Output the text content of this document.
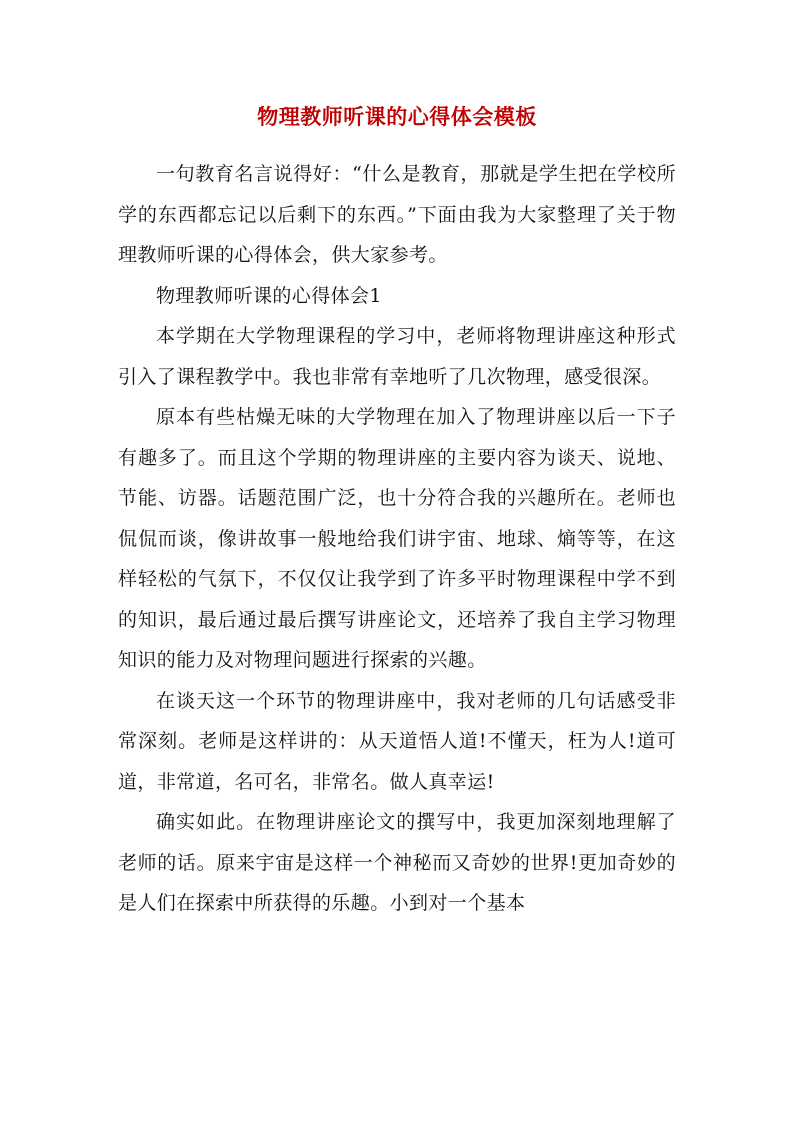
物理教师听课的心得体会模板

一句教育名言说得好：“什么是教育，那就是学生把在学校所学的东西都忘记以后剩下的东西。”下面由我为大家整理了关于物理教师听课的心得体会，供大家参考。

物理教师听课的心得体会1

本学期在大学物理课程的学习中，老师将物理讲座这种形式引入了课程教学中。我也非常有幸地听了几次物理，感受很深。

原本有些枯燥无味的大学物理在加入了物理讲座以后一下子有趣多了。而且这个学期的物理讲座的主要内容为谈天、说地、节能、访器。话题范围广泛，也十分符合我的兴趣所在。老师也侃侃而谈，像讲故事一般地给我们讲宇宙、地球、熵等等，在这样轻松的气氛下，不仅仅让我学到了许多平时物理课程中学不到的知识，最后通过最后撰写讲座论文，还培养了我自主学习物理知识的能力及对物理问题进行探索的兴趣。

在谈天这一个环节的物理讲座中，我对老师的几句话感受非常深刻。老师是这样讲的：从天道悟人道!不懂天，枉为人!道可道，非常道，名可名，非常名。做人真幸运!

确实如此。在物理讲座论文的撰写中，我更加深刻地理解了老师的话。原来宇宙是这样一个神秘而又奇妙的世界!更加奇妙的是人们在探索中所获得的乐趣。小到对一个基本
